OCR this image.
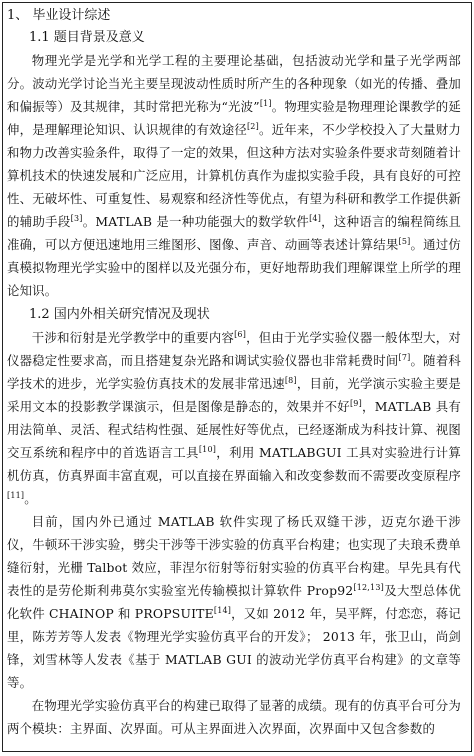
1、 毕业设计综述
1.1 题目背景及意义

物理光学是光学和光学工程的主要理论基础，包括波动光学和量子光学两部分。波动光学讨论当光主要呈现波动性质时所产生的各种现象（如光的传播、叠加和偏振等）及其规律，其时常把光称为“光波”[1]。物理实验是物理理论课教学的延伸，是理解理论知识、认识规律的有效途径[2]。近年来，不少学校投入了大量财力和物力改善实验条件，取得了一定的效果，但这种方法对实验条件要求苛刻随着计算机技术的快速发展和广泛应用，计算机仿真作为虚拟实验手段，具有良好的可控性、无破坏性、可重复性、易观察和经济性等优点，有望为科研和教学工作提供新的辅助手段[3]。MATLAB 是一种功能强大的数学软件[4]，这种语言的编程简练且准确，可以方便迅速地用三维图形、图像、声音、动画等表述计算结果[5]。通过仿真模拟物理光学实验中的图样以及光强分布，更好地帮助我们理解课堂上所学的理论知识。

1.2 国内外相关研究情况及现状

干涉和衍射是光学教学中的重要内容[6]，但由于光学实验仪器一般体型大，对仪器稳定性要求高，而且搭建复杂光路和调试实验仪器也非常耗费时间[7]。随着科学技术的进步，光学实验仿真技术的发展非常迅速[8]，目前，光学演示实验主要是采用文本的投影教学课演示，但是图像是静态的，效果并不好[9]，MATLAB 具有用法简单、灵活、程式结构性强、延展性好等优点，已经逐渐成为科技计算、视图交互系统和程序中的首选语言工具[10]，利用 MATLABGUI 工具对实验进行计算机仿真，仿真界面丰富直观，可以直接在界面输入和改变参数而不需要改变原程序[11]。

目前，国内外已通过 MATLAB 软件实现了杨氏双缝干涉，迈克尔逊干涉仪，牛顿环干涉实验，劈尖干涉等干涉实验的仿真平台构建；也实现了夫琅禾费单缝衍射，光栅 Talbot 效应，菲涅尔衍射等衍射实验的仿真平台构建。早先具有代表性的是劳伦斯利弗莫尔实验室光传输模拟计算软件 Prop92[12,13]及大型总体优化软件 CHAINOP 和 PROPSUITE[14]，又如 2012 年，吴平辉，付恋恋，蒋记里，陈芳芳等人发表《物理光学实验仿真平台的开发》； 2013 年，张卫山，尚剑锋，刘雪林等人发表《基于 MATLAB GUI 的波动光学仿真平台构建》的文章等等。

在物理光学实验仿真平台的构建已取得了显著的成绩。现有的仿真平台可分为两个模块：主界面、次界面。可从主界面进入次界面，次界面中又包含参数的
